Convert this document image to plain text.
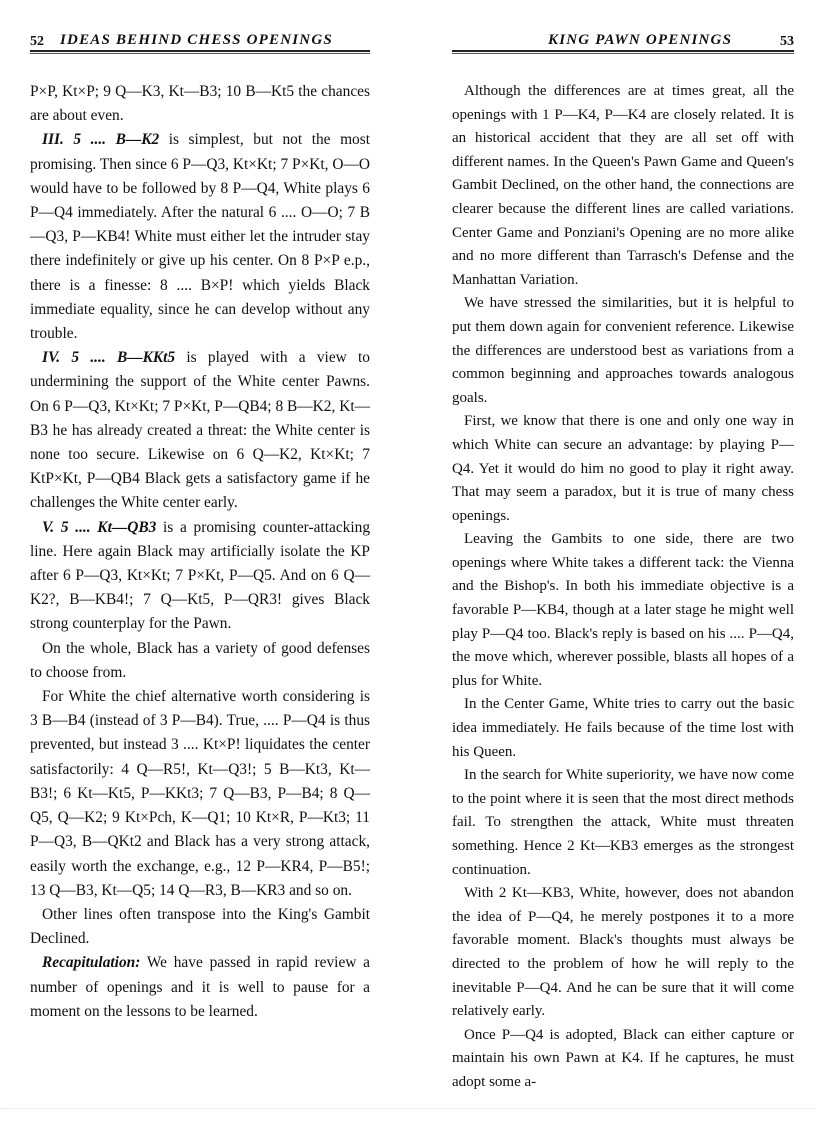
52 IDEAS BEHIND CHESS OPENINGS

P×P, Kt×P; 9 Q—K3, Kt—B3; 10 B—Kt5 the chances are about even.

III. 5 .... B—K2 is simplest, but not the most promising. Then since 6 P—Q3, Kt×Kt; 7 P×Kt, O—O would have to be followed by 8 P—Q4, White plays 6 P—Q4 immediately. After the natural 6 .... O—O; 7 B—Q3, P—KB4! White must either let the intruder stay there indefinitely or give up his center. On 8 P×P e.p., there is a finesse: 8 .... B×P! which yields Black immediate equality, since he can develop without any trouble.

IV. 5 .... B—KKt5 is played with a view to undermining the support of the White center Pawns. On 6 P—Q3, Kt×Kt; 7 P×Kt, P—QB4; 8 B—K2, Kt—B3 he has already created a threat: the White center is none too secure. Likewise on 6 Q—K2, Kt×Kt; 7 KtP×Kt, P—QB4 Black gets a satisfactory game if he challenges the White center early.

V. 5 .... Kt—QB3 is a promising counter-attacking line. Here again Black may artificially isolate the KP after 6 P—Q3, Kt×Kt; 7 P×Kt, P—Q5. And on 6 Q—K2?, B—KB4!; 7 Q—Kt5, P—QR3! gives Black strong counterplay for the Pawn.

On the whole, Black has a variety of good defenses to choose from.

For White the chief alternative worth considering is 3 B—B4 (instead of 3 P—B4). True, .... P—Q4 is thus prevented, but instead 3 .... Kt×P! liquidates the center satisfactorily: 4 Q—R5!, Kt—Q3!; 5 B—Kt3, Kt—B3!; 6 Kt—Kt5, P—KKt3; 7 Q—B3, P—B4; 8 Q—Q5, Q—K2; 9 Kt×Pch, K—Q1; 10 Kt×R, P—Kt3; 11 P—Q3, B—QKt2 and Black has a very strong attack, easily worth the exchange, e.g., 12 P—KR4, P—B5!; 13 Q—B3, Kt—Q5; 14 Q—R3, B—KR3 and so on.

Other lines often transpose into the King's Gambit Declined.

Recapitulation: We have passed in rapid review a number of openings and it is well to pause for a moment on the lessons to be learned.

KING PAWN OPENINGS	53

Although the differences are at times great, all the openings with 1 P—K4, P—K4 are closely related. It is an historical accident that they are all set off with different names. In the Queen's Pawn Game and Queen's Gambit Declined, on the other hand, the connections are clearer because the different lines are called variations. Center Game and Ponziani's Opening are no more alike and no more different than Tarrasch's Defense and the Manhattan Variation.

We have stressed the similarities, but it is helpful to put them down again for convenient reference. Likewise the differences are understood best as variations from a common beginning and approaches towards analogous goals.

First, we know that there is one and only one way in which White can secure an advantage: by playing P—Q4. Yet it would do him no good to play it right away. That may seem a paradox, but it is true of many chess openings.

Leaving the Gambits to one side, there are two openings where White takes a different tack: the Vienna and the Bishop's. In both his immediate objective is a favorable P—KB4, though at a later stage he might well play P—Q4 too. Black's reply is based on his .... P—Q4, the move which, wherever possible, blasts all hopes of a plus for White.

In the Center Game, White tries to carry out the basic idea immediately. He fails because of the time lost with his Queen.

In the search for White superiority, we have now come to the point where it is seen that the most direct methods fail. To strengthen the attack, White must threaten something. Hence 2 Kt—KB3 emerges as the strongest continuation.

With 2 Kt—KB3, White, however, does not abandon the idea of P—Q4, he merely postpones it to a more favorable moment. Black's thoughts must always be directed to the problem of how he will reply to the inevitable P—Q4. And he can be sure that it will come relatively early.

Once P—Q4 is adopted, Black can either capture or maintain his own Pawn at K4. If he captures, he must adopt some a-
